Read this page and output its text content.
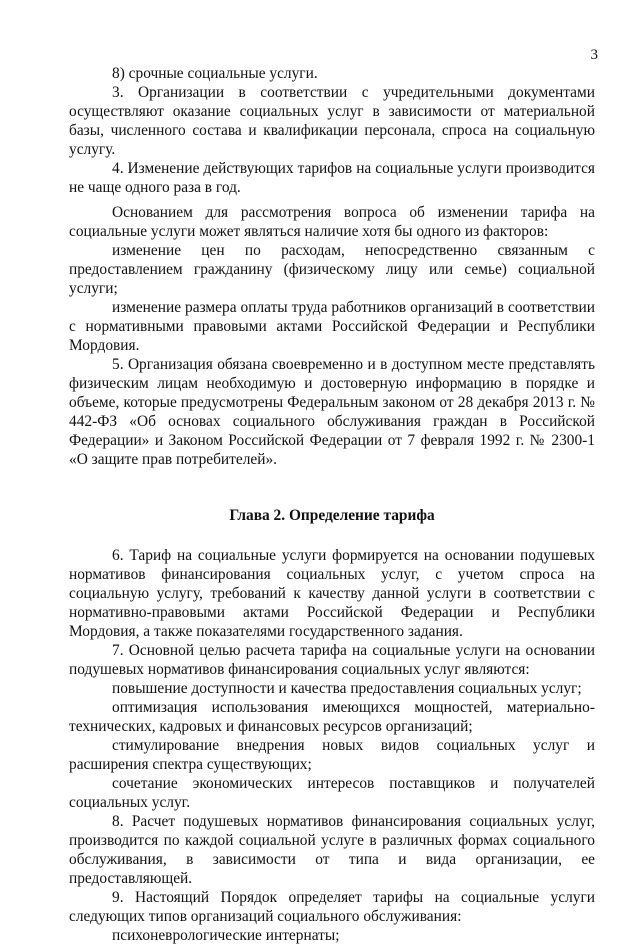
3

8) срочные социальные услуги.

3. Организации в соответствии с учредительными документами осуществляют оказание социальных услуг в зависимости от материальной базы, численного состава и квалификации персонала, спроса на социальную услугу.

4. Изменение действующих тарифов на социальные услуги производится не чаще одного раза в год.

Основанием для рассмотрения вопроса об изменении тарифа на социальные услуги может являться наличие хотя бы одного из факторов:

изменение цен по расходам, непосредственно связанным с предоставлением гражданину (физическому лицу или семье) социальной услуги;

изменение размера оплаты труда работников организаций в соответствии с нормативными правовыми актами Российской Федерации и Республики Мордовия.

5. Организация обязана своевременно и в доступном месте представлять физическим лицам необходимую и достоверную информацию в порядке и объеме, которые предусмотрены Федеральным законом от 28 декабря 2013 г. № 442-ФЗ «Об основах социального обслуживания граждан в Российской Федерации» и Законом Российской Федерации от 7 февраля 1992 г. № 2300-1 «О защите прав потребителей».

Глава 2. Определение тарифа

6. Тариф на социальные услуги формируется на основании подушевых нормативов финансирования социальных услуг, с учетом спроса на социальную услугу, требований к качеству данной услуги в соответствии с нормативно-правовыми актами Российской Федерации и Республики Мордовия, а также показателями государственного задания.

7. Основной целью расчета тарифа на социальные услуги на основании подушевых нормативов финансирования социальных услуг являются:

повышение доступности и качества предоставления социальных услуг;

оптимизация использования имеющихся мощностей, материально-технических, кадровых и финансовых ресурсов организаций;

стимулирование внедрения новых видов социальных услуг и расширения спектра существующих;

сочетание экономических интересов поставщиков и получателей социальных услуг.

8. Расчет подушевых нормативов финансирования социальных услуг, производится по каждой социальной услуге в различных формах социального обслуживания, в зависимости от типа и вида организации, ее предоставляющей.

9. Настоящий Порядок определяет тарифы на социальные услуги следующих типов организаций социального обслуживания:

психоневрологические интернаты;
